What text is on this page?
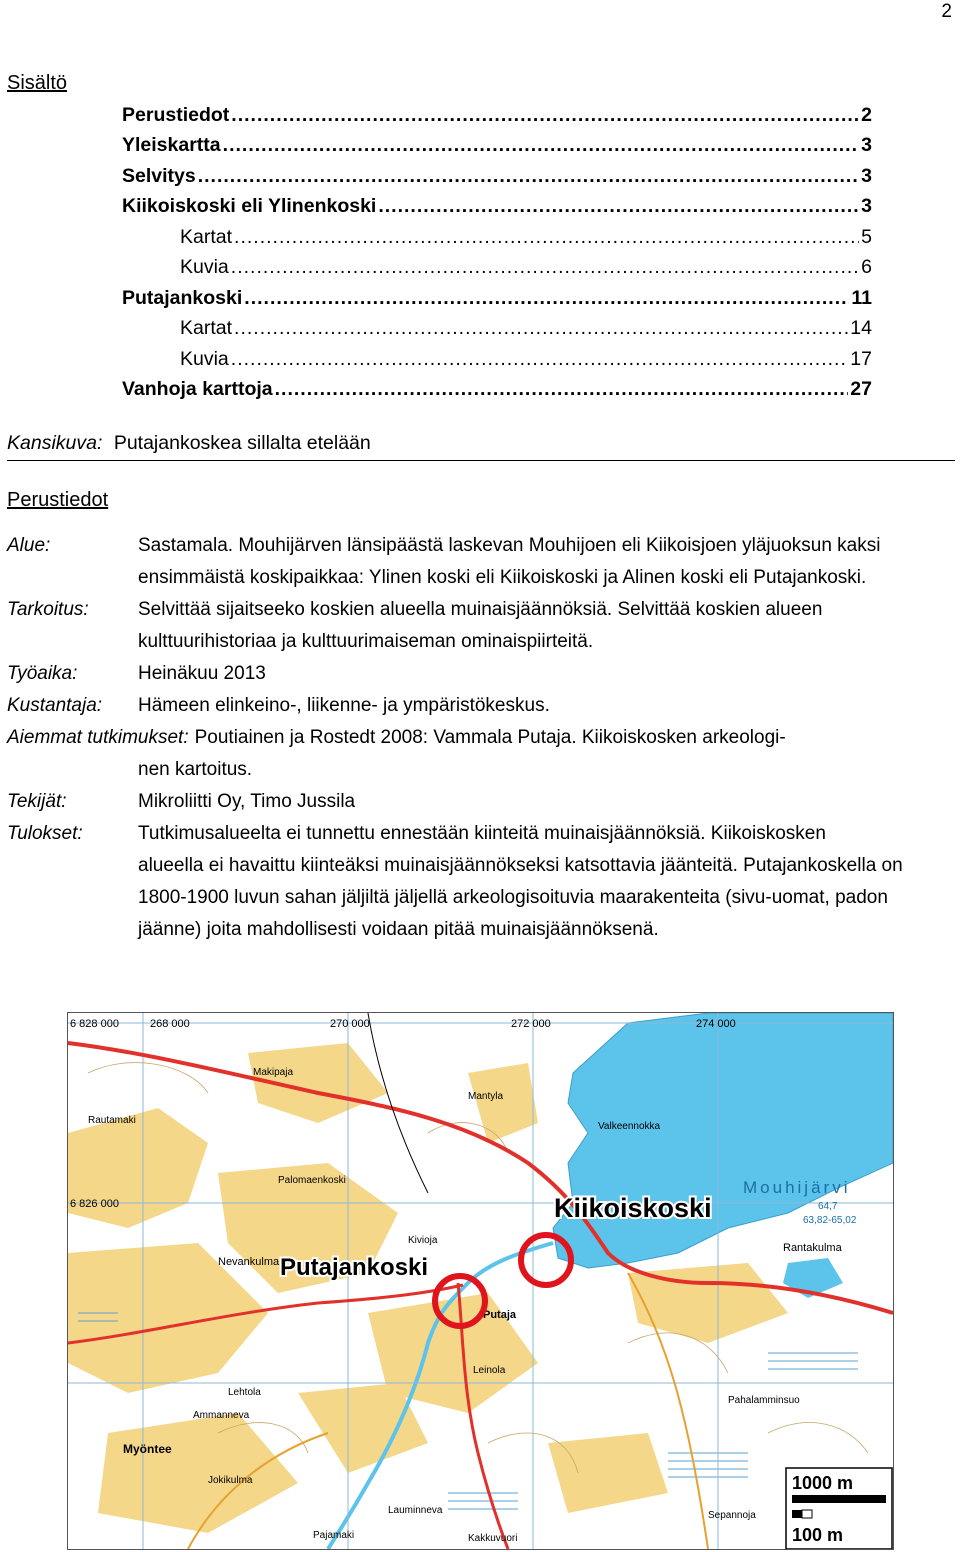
2
Sisältö
Perustiedot .....	2
Yleiskartta .....	3
Selvitys .....	3
Kiikoiskoski eli Ylinenkoski .....	3
Kartat .....	5
Kuvia .....	6
Putajankoski .....	11
Kartat .....	14
Kuvia .....	17
Vanhoja karttoja .....	27
Kansikuva: Putajankoskea sillalta etelään
Perustiedot
Alue:	Sastamala. Mouhijärven länsipäästä laskevan Mouhijoen eli Kiikoisjoen yläjuoksun kaksi ensimmäistä koskipaikkaa: Ylinen koski eli Kiikoiskoski ja Alinen koski eli Putajankoski.
Tarkoitus:	Selvittää sijaitseeko koskien alueella muinaisjäännöksiä. Selvittää koskien alueen kulttuurihistoriaa ja kulttuurimaiseman ominaispiirteitä.
Työaika:	Heinäkuu 2013
Kustantaja:	Hämeen elinkeino-, liikenne- ja ympäristökeskus.
Aiemmat tutkimukset: Poutiainen ja Rostedt 2008: Vammala Putaja. Kiikoiskosken arkeologi-
nen kartoitus.
Tekijät:	Mikroliitti Oy, Timo Jussila
Tulokset:	Tutkimusalueelta ei tunnettu ennestään kiinteitä muinaisjäännöksiä. Kiikoiskosken
alueella ei havaittu kiinteäksi muinaisjäännökseksi katsottavia jäänteitä. Putajankoskella on 1800-1900 luvun sahan jäljiltä jäljellä arkeologisoituvia maarakenteita (sivu-uomat, padon jäänne) joita mahdollisesti voidaan pitää muinaisjäännöksenä.
6 828 000	268 000	270 000	272 000	274 000
6 826 000
Mouhijärvi
Makipaja
Nevankulma
Putaja
Rantakulma
Palomaenkoski
Valkeennokka
Mantyla
Ammanneva
Myöntee
Jokikulma
Pahalamminsuo
Lauminneva
Kakkuvuori
Sepannoja
Leinola
Rautamaki
Lehtola
Kivioja
Pajamaki
64,7
63,82-65,02
Kiikoiskoski
Putajankoski
1000 m
100 m
